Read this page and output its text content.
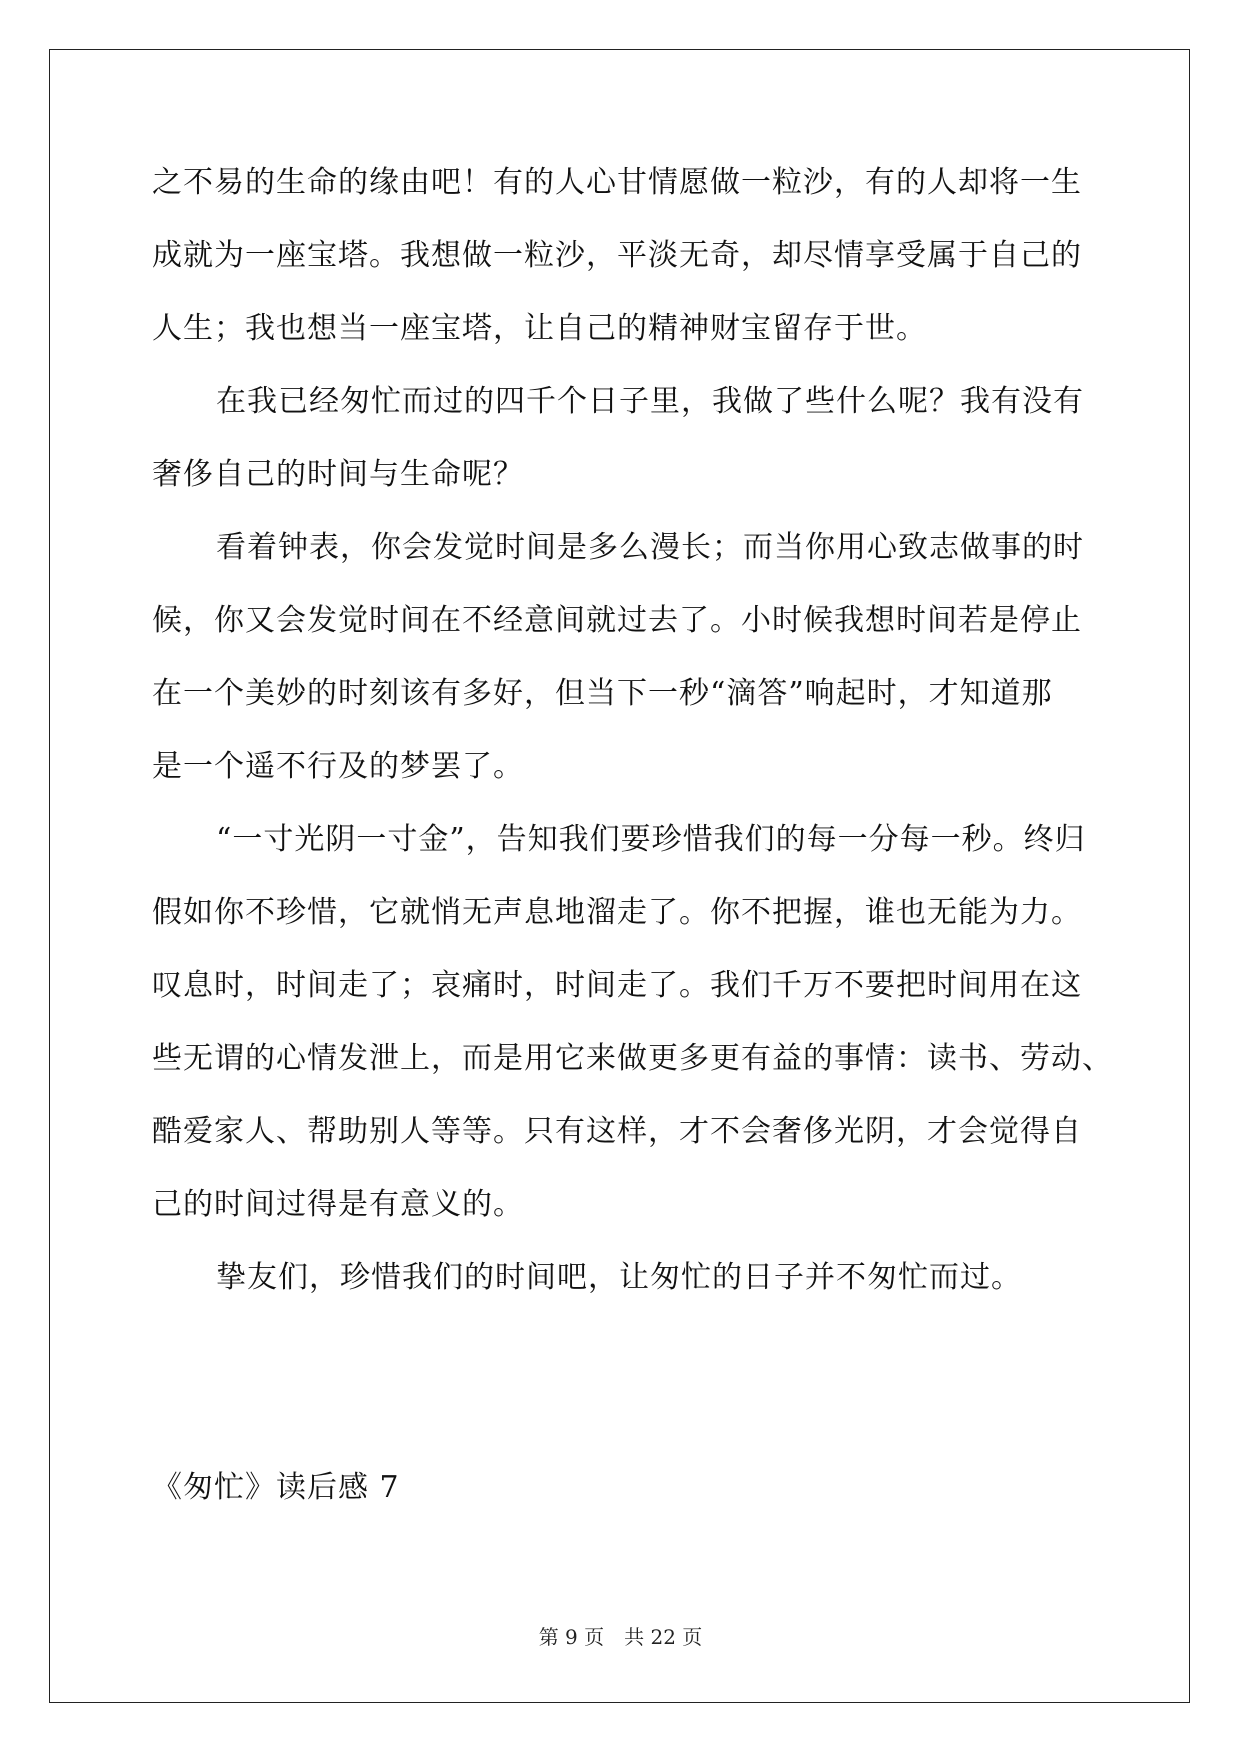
之不易的生命的缘由吧！有的人心甘情愿做一粒沙，有的人却将一生
成就为一座宝塔。我想做一粒沙，平淡无奇，却尽情享受属于自己的
人生；我也想当一座宝塔，让自己的精神财宝留存于世。
在我已经匆忙而过的四千个日子里，我做了些什么呢？我有没有
奢侈自己的时间与生命呢？
看着钟表，你会发觉时间是多么漫长；而当你用心致志做事的时
候，你又会发觉时间在不经意间就过去了。小时候我想时间若是停止
在一个美妙的时刻该有多好，但当下一秒“滴答”响起时，才知道那
是一个遥不行及的梦罢了。
“一寸光阴一寸金”，告知我们要珍惜我们的每一分每一秒。终归
假如你不珍惜，它就悄无声息地溜走了。你不把握，谁也无能为力。
叹息时，时间走了；哀痛时，时间走了。我们千万不要把时间用在这
些无谓的心情发泄上，而是用它来做更多更有益的事情：读书、劳动、
酷爱家人、帮助别人等等。只有这样，才不会奢侈光阴，才会觉得自
己的时间过得是有意义的。
挚友们，珍惜我们的时间吧，让匆忙的日子并不匆忙而过。
《匆忙》读后感 7
第 9 页 共 22 页
